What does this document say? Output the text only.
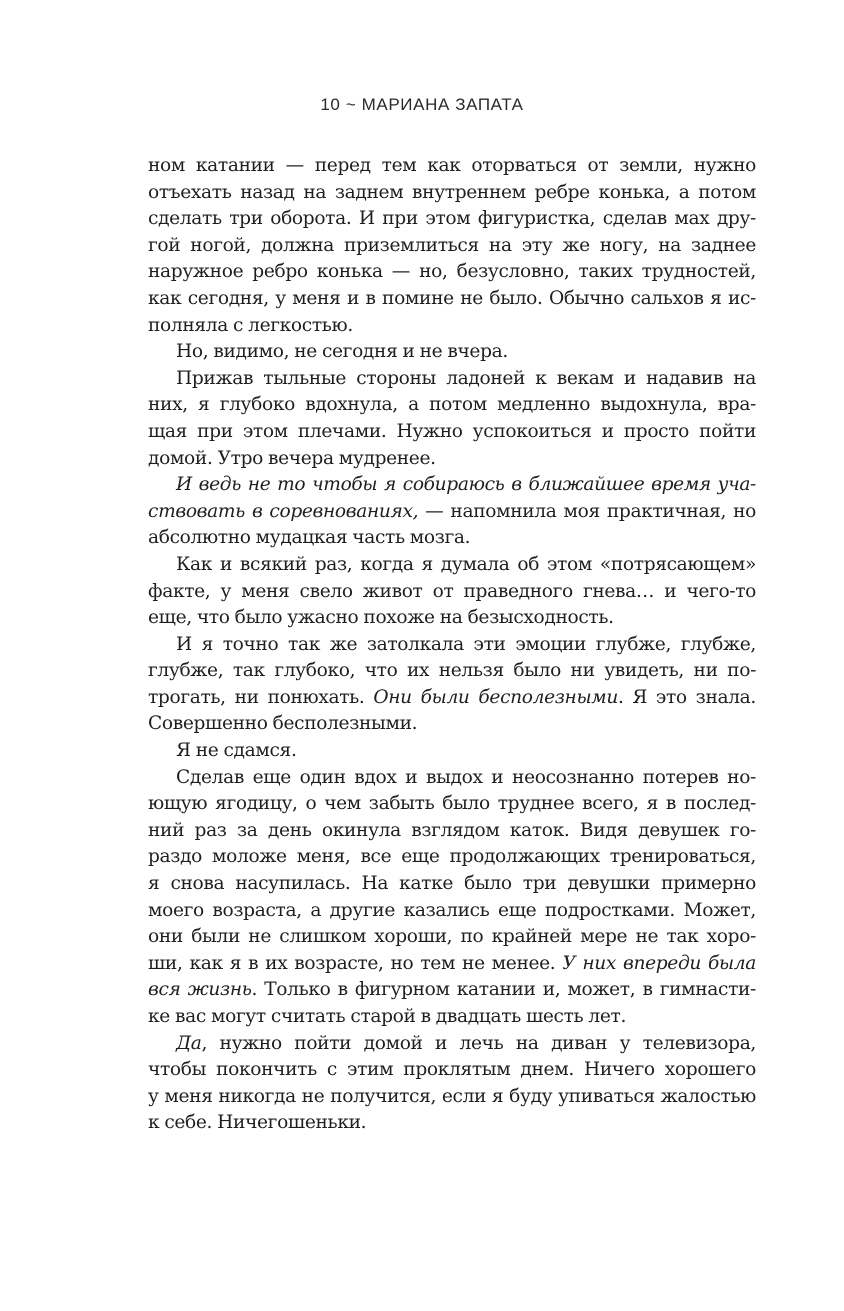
10 ~ МАРИАНА ЗАПАТА
ном катании — перед тем как оторваться от земли, нужно
отъехать назад на заднем внутреннем ребре конька, а потом
сделать три оборота. И при этом фигуристка, сделав мах дру-
гой ногой, должна приземлиться на эту же ногу, на заднее
наружное ребро конька — но, безусловно, таких трудностей,
как сегодня, у меня и в помине не было. Обычно сальхов я ис-
полняла с легкостью.
Но, видимо, не сегодня и не вчера.
Прижав тыльные стороны ладоней к векам и надавив на
них, я глубоко вдохнула, а потом медленно выдохнула, вра-
щая при этом плечами. Нужно успокоиться и просто пойти
домой. Утро вечера мудренее.
И ведь не то чтобы я собираюсь в ближайшее время уча-
ствовать в соревнованиях, — напомнила моя практичная, но
абсолютно мудацкая часть мозга.
Как и всякий раз, когда я думала об этом «потрясающем»
факте, у меня свело живот от праведного гнева… и чего-то
еще, что было ужасно похоже на безысходность.
И я точно так же затолкала эти эмоции глубже, глубже,
глубже, так глубоко, что их нельзя было ни увидеть, ни по-
трогать, ни понюхать. Они были бесполезными. Я это знала.
Совершенно бесполезными.
Я не сдамся.
Сделав еще один вдох и выдох и неосознанно потерев но-
ющую ягодицу, о чем забыть было труднее всего, я в послед-
ний раз за день окинула взглядом каток. Видя девушек го-
раздо моложе меня, все еще продолжающих тренироваться,
я снова насупилась. На катке было три девушки примерно
моего возраста, а другие казались еще подростками. Может,
они были не слишком хороши, по крайней мере не так хоро-
ши, как я в их возрасте, но тем не менее. У них впереди была
вся жизнь. Только в фигурном катании и, может, в гимнасти-
ке вас могут считать старой в двадцать шесть лет.
Да, нужно пойти домой и лечь на диван у телевизора,
чтобы покончить с этим проклятым днем. Ничего хорошего
у меня никогда не получится, если я буду упиваться жалостью
к себе. Ничегошеньки.
